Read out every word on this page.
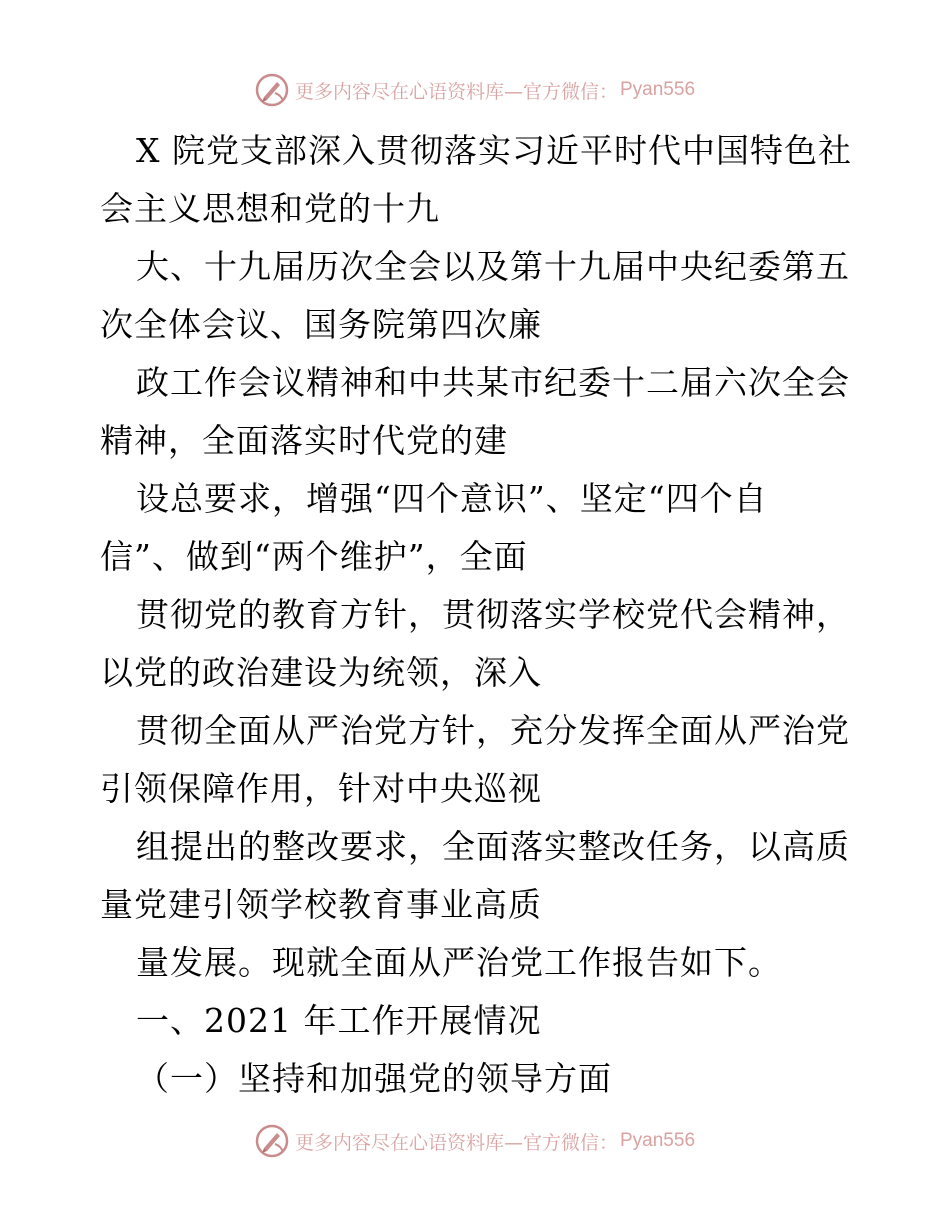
更多内容尽在心语资料库—官方微信： Pyan556
X 院党支部深入贯彻落实习近平时代中国特色社
会主义思想和党的十九
大、十九届历次全会以及第十九届中央纪委第五
次全体会议、国务院第四次廉
政工作会议精神和中共某市纪委十二届六次全会
精神，全面落实时代党的建
设总要求，增强“四个意识”、坚定“四个自
信”、做到“两个维护”，全面
贯彻党的教育方针，贯彻落实学校党代会精神，
以党的政治建设为统领，深入
贯彻全面从严治党方针，充分发挥全面从严治党
引领保障作用，针对中央巡视
组提出的整改要求，全面落实整改任务，以高质
量党建引领学校教育事业高质
量发展。现就全面从严治党工作报告如下。
一、2021 年工作开展情况
（一）坚持和加强党的领导方面
更多内容尽在心语资料库—官方微信： Pyan556
